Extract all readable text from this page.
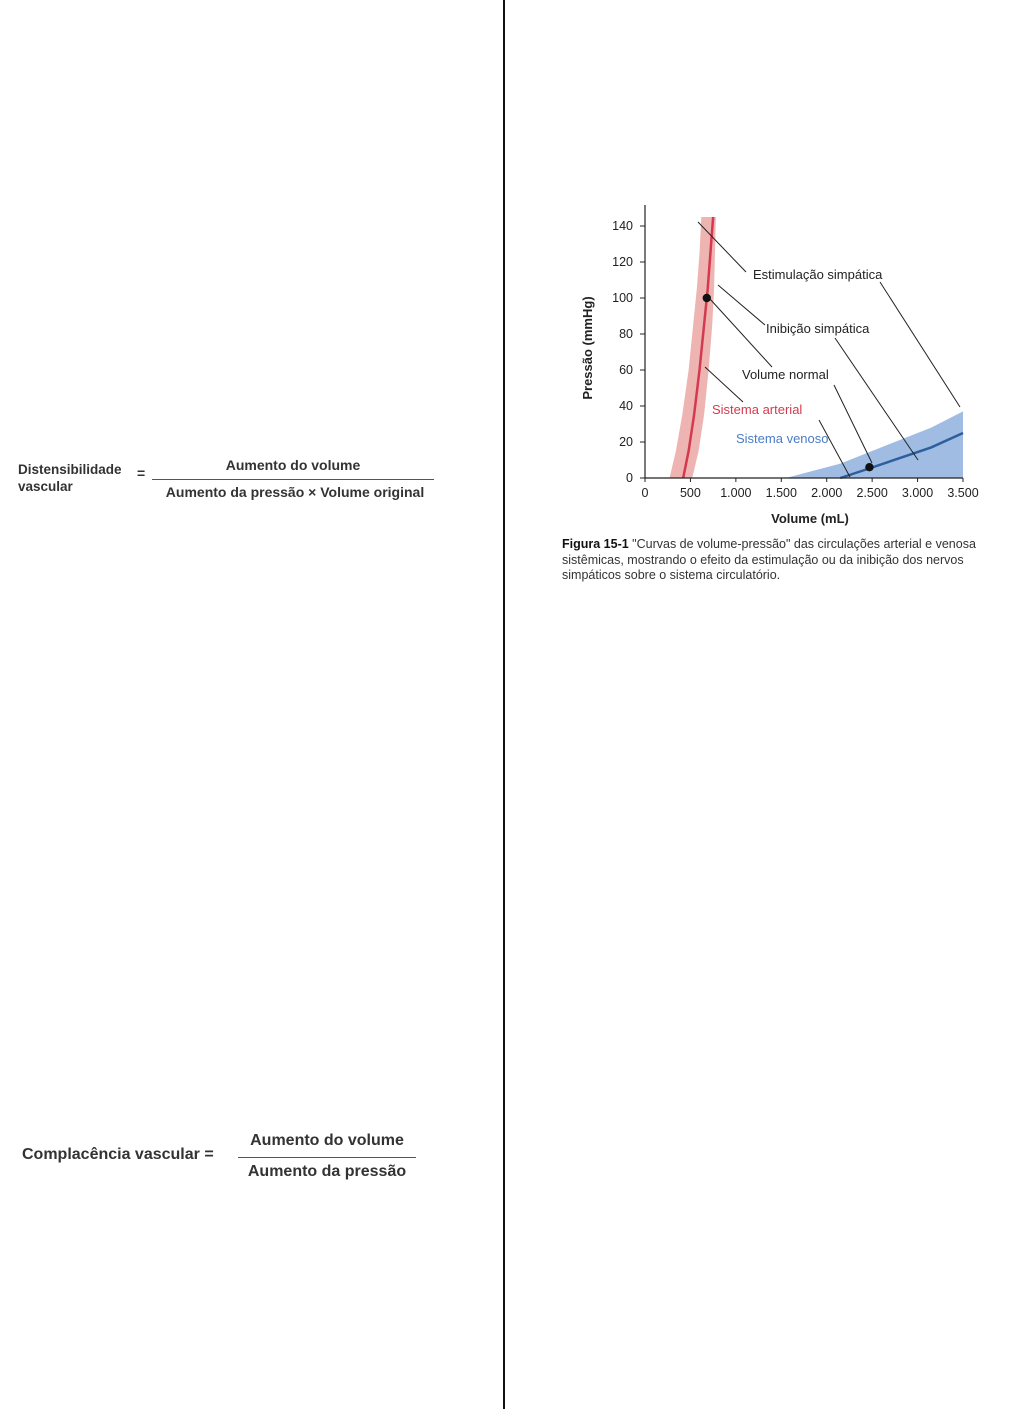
Distensibilidade
vascular
=	Aumento do volume
Aumento da pressão × Volume original
Complacência vascular =
Aumento do volume
Aumento da pressão
0	500 1.000 1.500 2.000 2.500 3.000 3.500
0
20
40
60
80
100
120
140
Estimulação simpática
Inibição simpática
Volume normal
Sistema arterial
Sistema venoso
Volume (mL)
Pressão (mmHg)
Figura 15-1 "Curvas de volume-pressão" das circulações arterial e venosa sistêmicas, mostrando o efeito da estimulação ou da inibição dos nervos simpáticos sobre o sistema circulatório.
